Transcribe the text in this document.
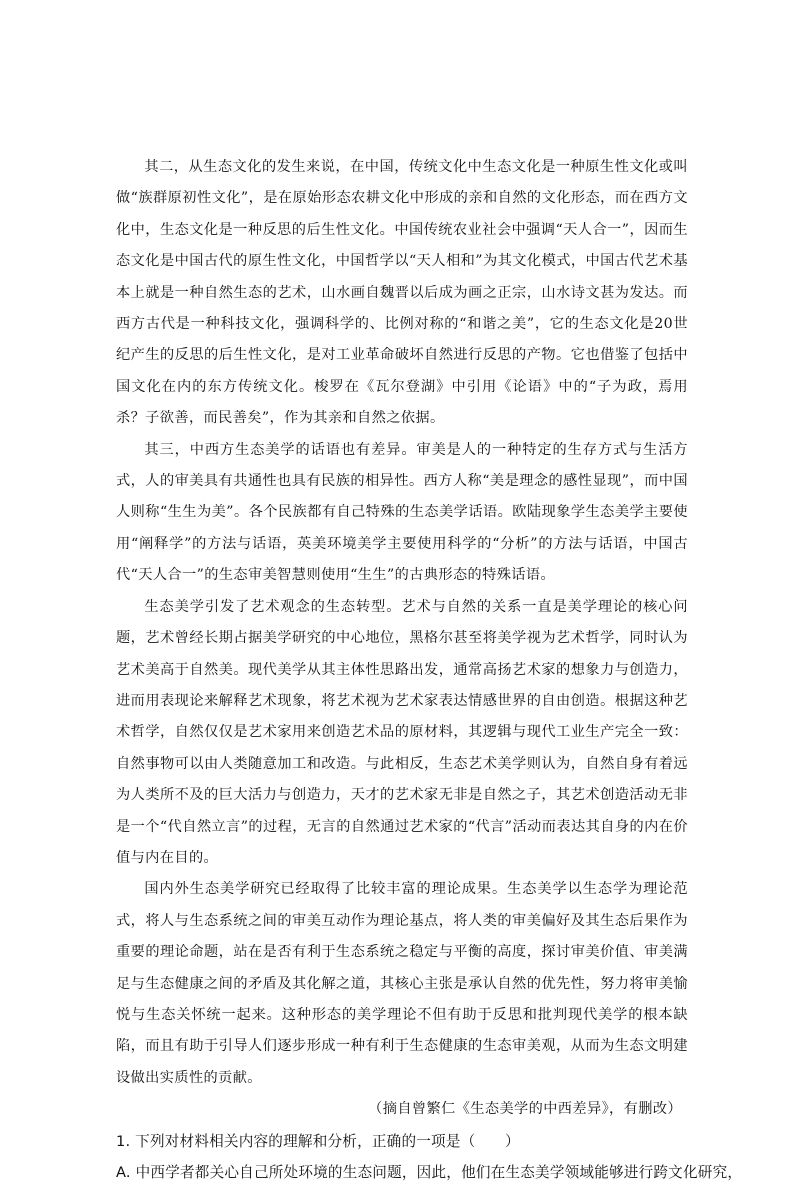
其二，从生态文化的发生来说，在中国，传统文化中生态文化是一种原生性文化或叫做“族群原初性文化”，是在原始形态农耕文化中形成的亲和自然的文化形态，而在西方文化中，生态文化是一种反思的后生性文化。中国传统农业社会中强调“天人合一”，因而生态文化是中国古代的原生性文化，中国哲学以“天人相和”为其文化模式，中国古代艺术基本上就是一种自然生态的艺术，山水画自魏晋以后成为画之正宗，山水诗文甚为发达。而西方古代是一种科技文化，强调科学的、比例对称的“和谐之美”，它的生态文化是20世纪产生的反思的后生性文化，是对工业革命破坏自然进行反思的产物。它也借鉴了包括中国文化在内的东方传统文化。梭罗在《瓦尔登湖》中引用《论语》中的“子为政，焉用杀？子欲善，而民善矣”，作为其亲和自然之依据。

其三，中西方生态美学的话语也有差异。审美是人的一种特定的生存方式与生活方式，人的审美具有共通性也具有民族的相异性。西方人称“美是理念的感性显现”，而中国人则称“生生为美”。各个民族都有自己特殊的生态美学话语。欧陆现象学生态美学主要使用“阐释学”的方法与话语，英美环境美学主要使用科学的“分析”的方法与话语，中国古代“天人合一”的生态审美智慧则使用“生生”的古典形态的特殊话语。

生态美学引发了艺术观念的生态转型。艺术与自然的关系一直是美学理论的核心问题，艺术曾经长期占据美学研究的中心地位，黑格尔甚至将美学视为艺术哲学，同时认为艺术美高于自然美。现代美学从其主体性思路出发，通常高扬艺术家的想象力与创造力，进而用表现论来解释艺术现象，将艺术视为艺术家表达情感世界的自由创造。根据这种艺术哲学，自然仅仅是艺术家用来创造艺术品的原材料，其逻辑与现代工业生产完全一致：自然事物可以由人类随意加工和改造。与此相反，生态艺术美学则认为，自然自身有着远为人类所不及的巨大活力与创造力，天才的艺术家无非是自然之子，其艺术创造活动无非是一个“代自然立言”的过程，无言的自然通过艺术家的“代言”活动而表达其自身的内在价值与内在目的。

国内外生态美学研究已经取得了比较丰富的理论成果。生态美学以生态学为理论范式，将人与生态系统之间的审美互动作为理论基点，将人类的审美偏好及其生态后果作为重要的理论命题，站在是否有利于生态系统之稳定与平衡的高度，探讨审美价值、审美满足与生态健康之间的矛盾及其化解之道，其核心主张是承认自然的优先性，努力将审美愉悦与生态关怀统一起来。这种形态的美学理论不但有助于反思和批判现代美学的根本缺陷，而且有助于引导人们逐步形成一种有利于生态健康的生态审美观，从而为生态文明建设做出实质性的贡献。

（摘自曾繁仁《生态美学的中西差异》，有删改）

1. 下列对材料相关内容的理解和分析，正确的一项是（　　）

A. 中西学者都关心自己所处环境的生态问题，因此，他们在生态美学领域能够进行跨文化研究，
